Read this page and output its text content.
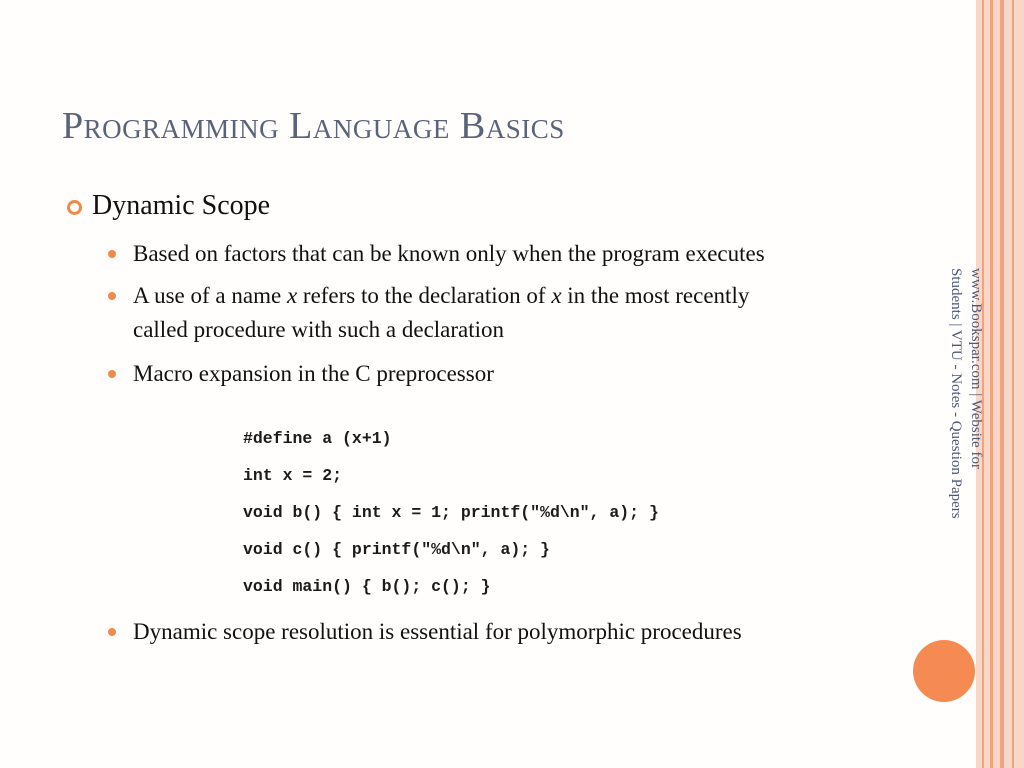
Programming Language Basics
Dynamic Scope
Based on factors that can be known only when the program executes
A use of a name x refers to the declaration of x in the most recently
called procedure with such a declaration
Macro expansion in the C preprocessor
#define a (x+1)
int x = 2;
void b() { int x = 1; printf("%d\n", a); }
void c() { printf("%d\n", a); }
void main() { b(); c(); }
Dynamic scope resolution is essential for polymorphic procedures
www.Bookspar.com | Website for
Students | VTU - Notes - Question Papers
